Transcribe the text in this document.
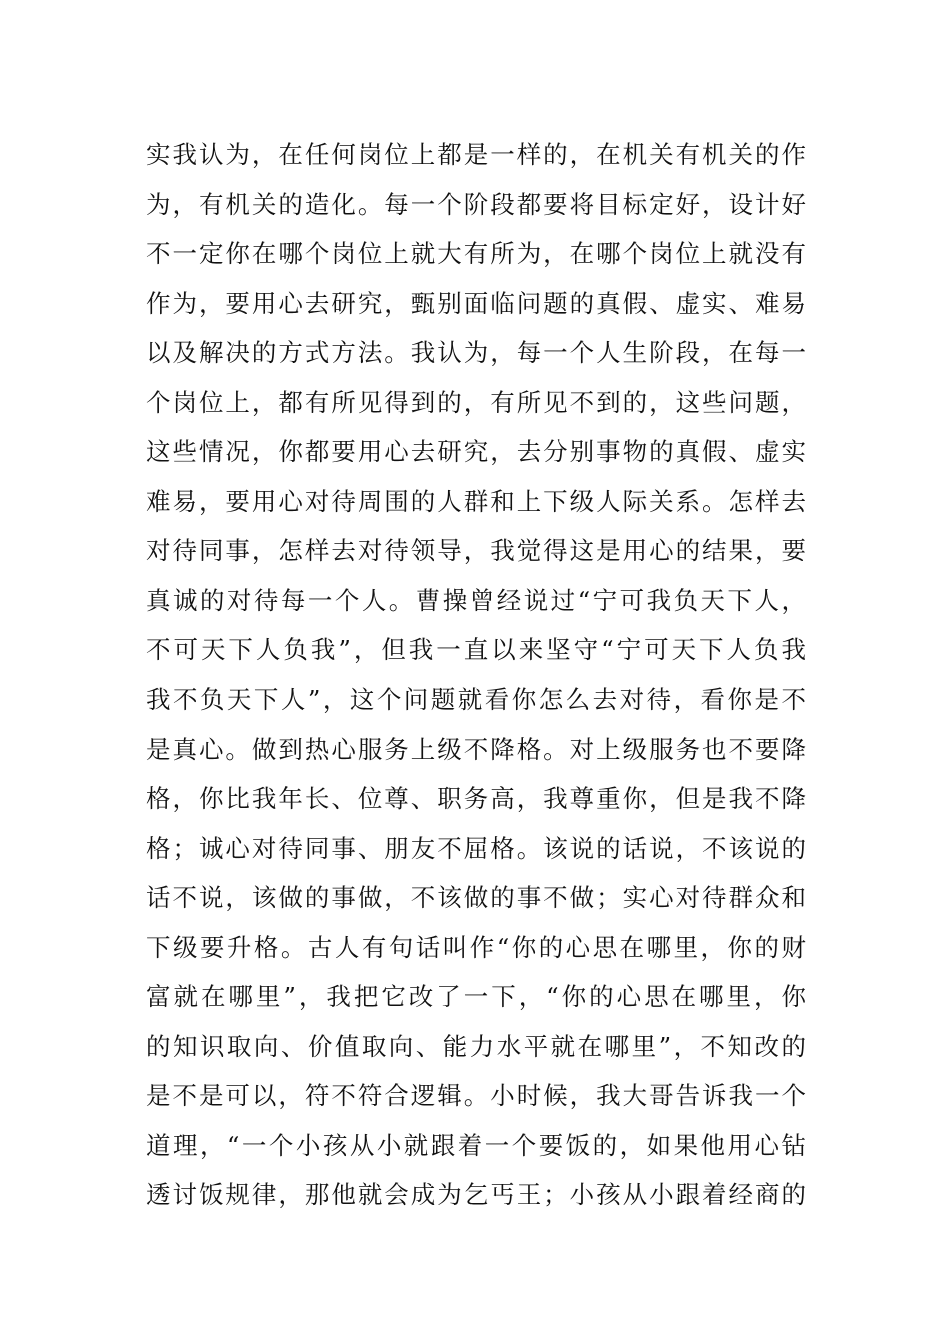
实我认为，在任何岗位上都是一样的，在机关有机关的作
为，有机关的造化。每一个阶段都要将目标定好，设计好
不一定你在哪个岗位上就大有所为，在哪个岗位上就没有
作为，要用心去研究，甄别面临问题的真假、虚实、难易
以及解决的方式方法。我认为，每一个人生阶段，在每一
个岗位上，都有所见得到的，有所见不到的，这些问题，
这些情况，你都要用心去研究，去分别事物的真假、虚实
难易，要用心对待周围的人群和上下级人际关系。怎样去
对待同事，怎样去对待领导，我觉得这是用心的结果，要
真诚的对待每一个人。曹操曾经说过“宁可我负天下人，
不可天下人负我”，但我一直以来坚守“宁可天下人负我
我不负天下人”，这个问题就看你怎么去对待，看你是不
是真心。做到热心服务上级不降格。对上级服务也不要降
格，你比我年长、位尊、职务高，我尊重你，但是我不降
格；诚心对待同事、朋友不屈格。该说的话说，不该说的
话不说，该做的事做，不该做的事不做；实心对待群众和
下级要升格。古人有句话叫作“你的心思在哪里，你的财
富就在哪里”，我把它改了一下，“你的心思在哪里，你
的知识取向、价值取向、能力水平就在哪里”，不知改的
是不是可以，符不符合逻辑。小时候，我大哥告诉我一个
道理，“一个小孩从小就跟着一个要饭的，如果他用心钻
透讨饭规律，那他就会成为乞丐王；小孩从小跟着经商的
